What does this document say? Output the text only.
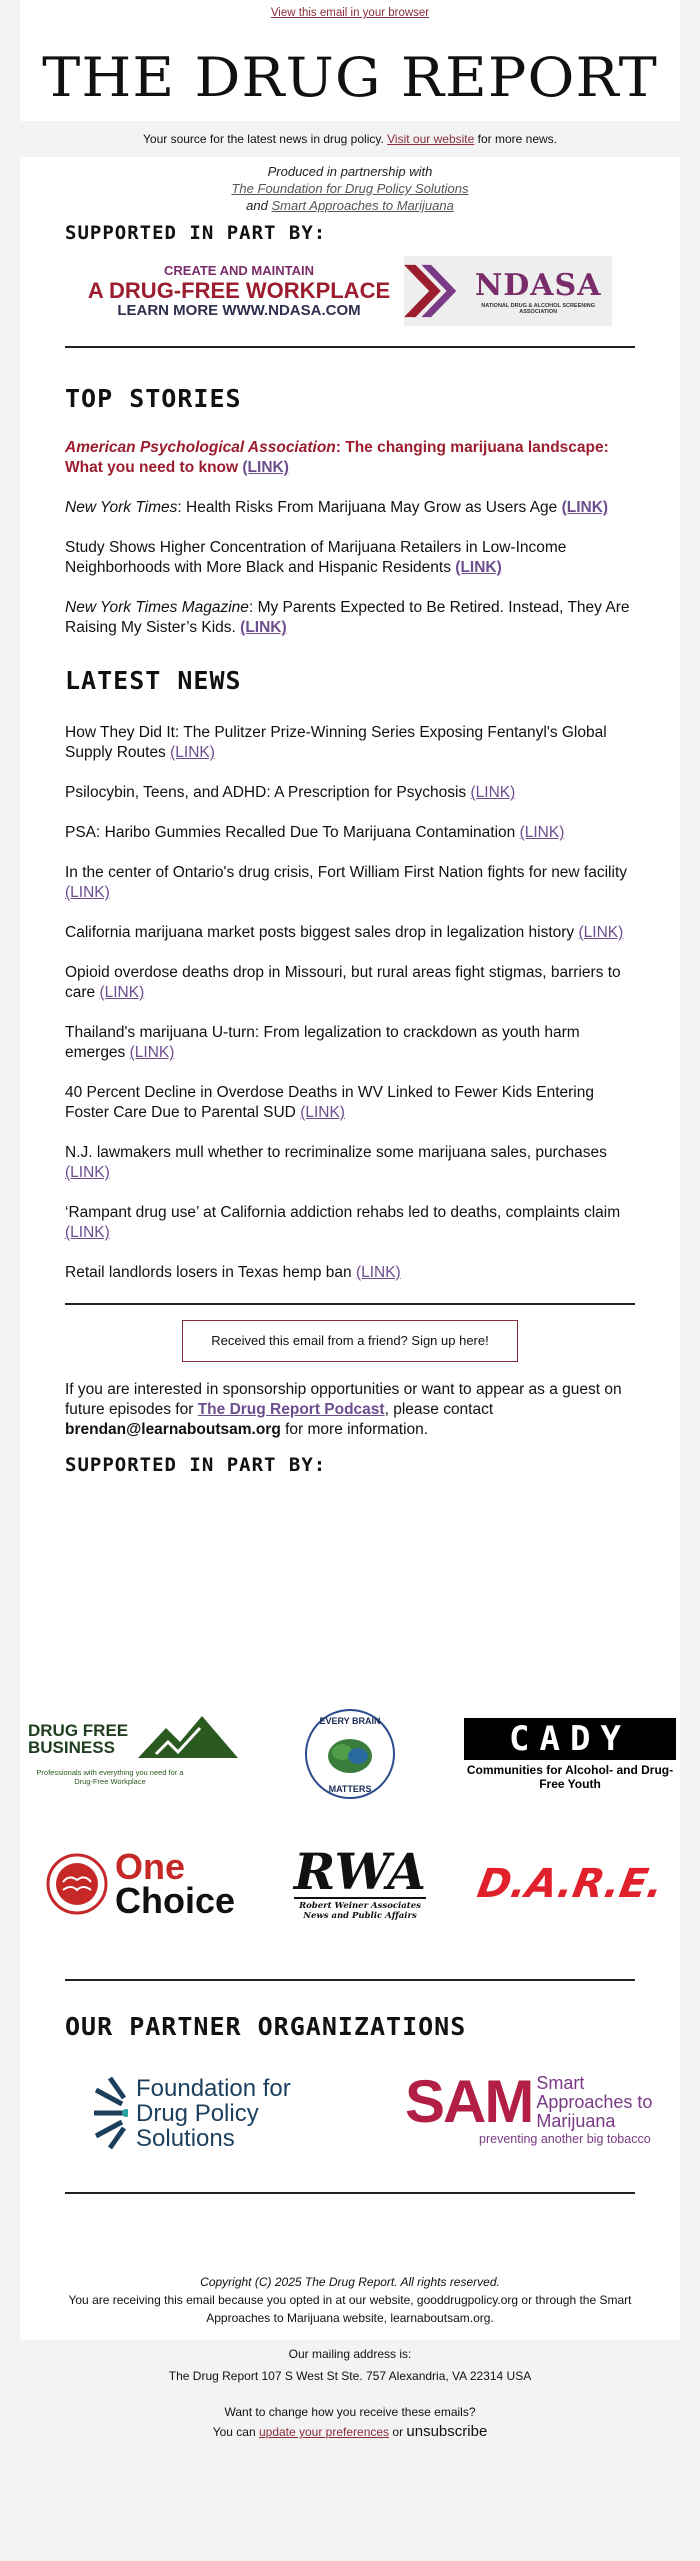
View this email in your browser
THE DRUG REPORT
Your source for the latest news in drug policy. Visit our website for more news.
Produced in partnership with
The Foundation for Drug Policy Solutions
and Smart Approaches to Marijuana
SUPPORTED IN PART BY:
CREATE AND MAINTAIN
A DRUG-FREE WORKPLACE
LEARN MORE WWW.NDASA.COM
NDASA
NATIONAL DRUG & ALCOHOL SCREENING ASSOCIATION
TOP STORIES

American Psychological Association: The changing marijuana landscape: What you need to know (LINK)

New York Times: Health Risks From Marijuana May Grow as Users Age (LINK)

Study Shows Higher Concentration of Marijuana Retailers in Low-Income Neighborhoods with More Black and Hispanic Residents (LINK)

New York Times Magazine: My Parents Expected to Be Retired. Instead, They Are Raising My Sister’s Kids. (LINK)

LATEST NEWS

How They Did It: The Pulitzer Prize-Winning Series Exposing Fentanyl's Global Supply Routes (LINK)

Psilocybin, Teens, and ADHD: A Prescription for Psychosis (LINK)

PSA: Haribo Gummies Recalled Due To Marijuana Contamination (LINK)

In the center of Ontario's drug crisis, Fort William First Nation fights for new facility (LINK)

California marijuana market posts biggest sales drop in legalization history (LINK)

Opioid overdose deaths drop in Missouri, but rural areas fight stigmas, barriers to care (LINK)

Thailand's marijuana U-turn: From legalization to crackdown as youth harm emerges (LINK)

40 Percent Decline in Overdose Deaths in WV Linked to Fewer Kids Entering Foster Care Due to Parental SUD (LINK)

N.J. lawmakers mull whether to recriminalize some marijuana sales, purchases (LINK)

‘Rampant drug use’ at California addiction rehabs led to deaths, complaints claim (LINK)

Retail landlords losers in Texas hemp ban (LINK)

Received this email from a friend? Sign up here!

If you are interested in sponsorship opportunities or want to appear as a guest on future episodes for The Drug Report Podcast, please contact brendan@learnaboutsam.org for more information.

SUPPORTED IN PART BY:
DRUG FREE
BUSINESS
Professionals with everything you need for a Drug-Free Workplace
EVERY BRAIN
MATTERS
CADY
Communities for Alcohol- and Drug-Free Youth
One
Choice RWA
Robert Weiner Associates
News and Public Affairs
D.A.R.E.
OUR PARTNER ORGANIZATIONS
Foundation for
Drug Policy
Solutions
SAM Smart
Approaches to
Marijuana
preventing another big tobacco
Copyright (C) 2025 The Drug Report. All rights reserved.
You are receiving this email because you opted in at our website, gooddrugpolicy.org or through the Smart Approaches to Marijuana website, learnaboutsam.org.
Our mailing address is:
The Drug Report 107 S West St Ste. 757 Alexandria, VA 22314 USA
Want to change how you receive these emails?
You can update your preferences or unsubscribe
